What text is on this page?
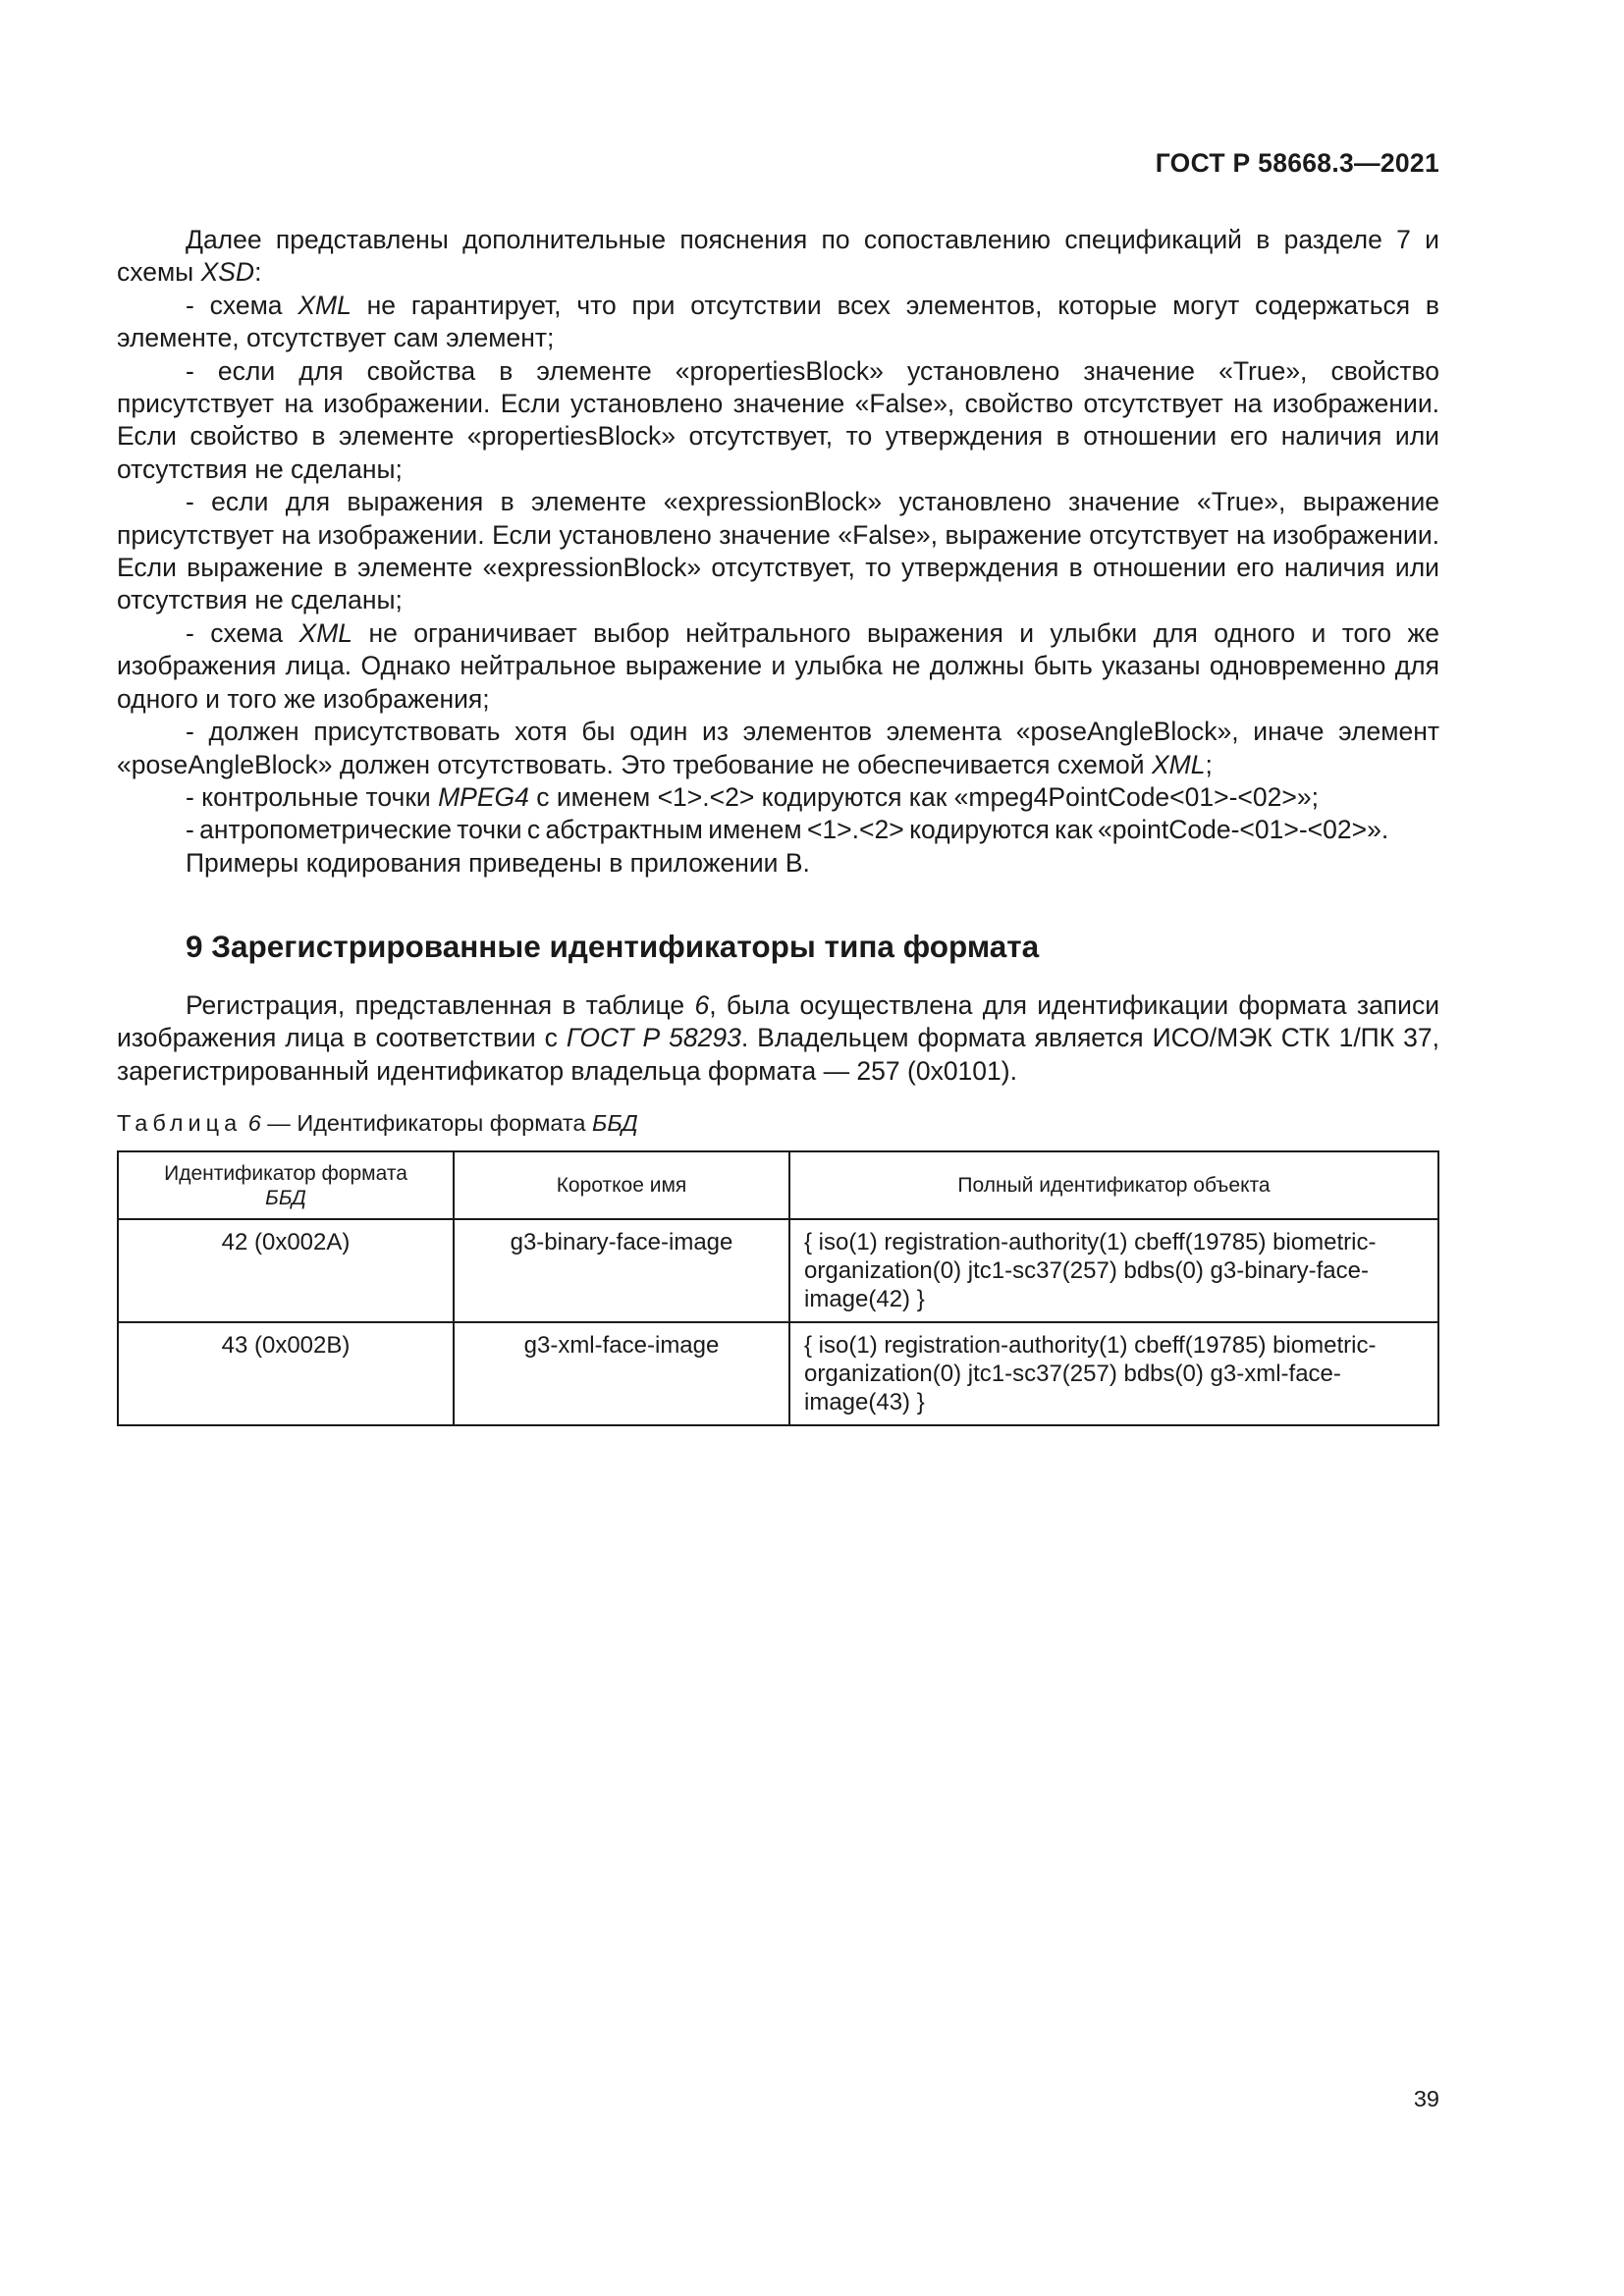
ГОСТ Р 58668.3—2021

Далее представлены дополнительные пояснения по сопоставлению спецификаций в разделе 7 и схемы XSD:

- схема XML не гарантирует, что при отсутствии всех элементов, которые могут содержаться в элементе, отсутствует сам элемент;

- если для свойства в элементе «propertiesBlock» установлено значение «True», свойство присутствует на изображении. Если установлено значение «False», свойство отсутствует на изображении. Если свойство в элементе «propertiesBlock» отсутствует, то утверждения в отношении его наличия или отсутствия не сделаны;

- если для выражения в элементе «expressionBlock» установлено значение «True», выражение присутствует на изображении. Если установлено значение «False», выражение отсутствует на изображении. Если выражение в элементе «expressionBlock» отсутствует, то утверждения в отношении его наличия или отсутствия не сделаны;

- схема XML не ограничивает выбор нейтрального выражения и улыбки для одного и того же изображения лица. Однако нейтральное выражение и улыбка не должны быть указаны одновременно для одного и того же изображения;

- должен присутствовать хотя бы один из элементов элемента «poseAngleBlock», иначе элемент «poseAngleBlock» должен отсутствовать. Это требование не обеспечивается схемой XML;

- контрольные точки MPEG4 с именем <1>.<2> кодируются как «mpeg4PointCode<01>-<02>»;

- антропометрические точки с абстрактным именем <1>.<2> кодируются как «pointCode-<01>-<02>».

Примеры кодирования приведены в приложении В.

9 Зарегистрированные идентификаторы типа формата

Регистрация, представленная в таблице 6, была осуществлена для идентификации формата записи изображения лица в соответствии с ГОСТ Р 58293. Владельцем формата является ИСО/МЭК СТК 1/ПК 37, зарегистрированный идентификатор владельца формата — 257 (0x0101).

Таблица 6 — Идентификаторы формата ББД
Идентификатор формата
ББД	Короткое имя	Полный идентификатор объекта
42 (0x002A)	g3-binary-face-image	{ iso(1) registration-authority(1) cbeff(19785) biometric-organization(0) jtc1-sc37(257) bdbs(0) g3-binary-face-image(42) }
43 (0x002B)	g3-xml-face-image	{ iso(1) registration-authority(1) cbeff(19785) biometric-organization(0) jtc1-sc37(257) bdbs(0) g3-xml-face-image(43) }
39
